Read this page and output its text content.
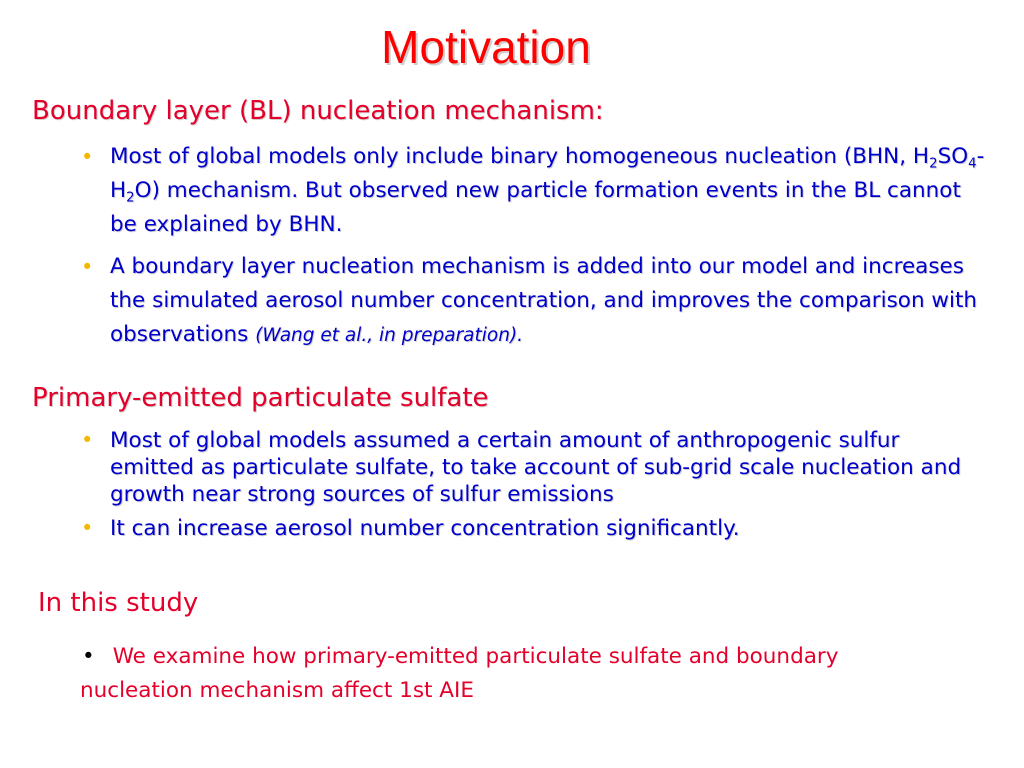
Motivation
Boundary layer (BL) nucleation mechanism:
• Most of global models only include binary homogeneous nucleation (BHN, $H_2SO_4-H_2O$) mechanism. But observed new particle formation events in the BL cannot be explained by BHN.
• A boundary layer nucleation mechanism is added into our model and increases the simulated aerosol number concentration, and improves the comparison with observations (Wang et al., in preparation).
Primary-emitted particulate sulfate
• Most of global models assumed a certain amount of anthropogenic sulfur emitted as particulate sulfate, to take account of sub-grid scale nucleation and growth near strong sources of sulfur emissions
• It can increase aerosol number concentration significantly.
In this study
• We examine how primary-emitted particulate sulfate and boundary nucleation mechanism affect 1st AIE
